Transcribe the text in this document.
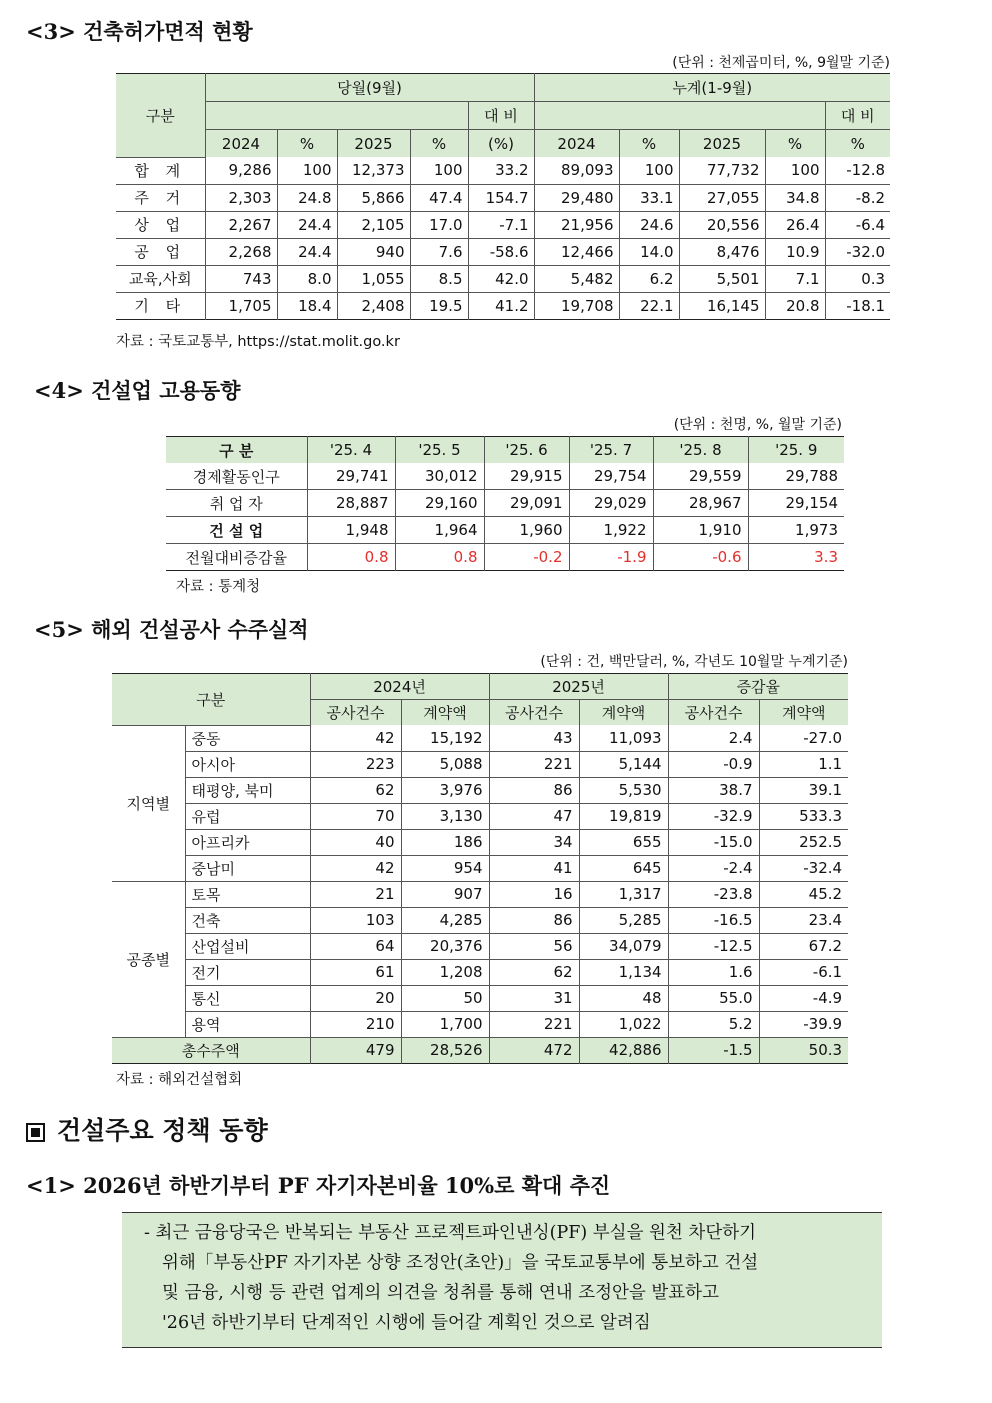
<3> 건축허가면적 현황
(단위 : 천제곱미터, %, 9월말 기준)
구분	당월(9월)					누계(1-9월)				
					대 비					대 비
	2024	%	2025	%	(%)	2024	%	2025	%	%
합 계	9,286	100	12,373	100	33.2	89,093	100	77,732	100	-12.8
주 거	2,303	24.8	5,866	47.4	154.7	29,480	33.1	27,055	34.8	-8.2
상 업	2,267	24.4	2,105	17.0	-7.1	21,956	24.6	20,556	26.4	-6.4
공 업	2,268	24.4	940	7.6	-58.6	12,466	14.0	8,476	10.9	-32.0
교육,사회	743	8.0	1,055	8.5	42.0	5,482	6.2	5,501	7.1	0.3
기 타	1,705	18.4	2,408	19.5	41.2	19,708	22.1	16,145	20.8	-18.1
자료 : 국토교통부, https://stat.molit.go.kr
<4> 건설업 고용동향
(단위 : 천명, %, 월말 기준)
구 분	'25. 4	'25. 5	'25. 6	'25. 7	'25. 8	'25. 9
경제활동인구	29,741	30,012	29,915	29,754	29,559	29,788
취 업 자	28,887	29,160	29,091	29,029	28,967	29,154
건 설 업	1,948	1,964	1,960	1,922	1,910	1,973
전월대비증감율	0.8	0.8	-0.2	-1.9	-0.6	3.3
자료 : 통계청
<5> 해외 건설공사 수주실적
(단위 : 건, 백만달러, %, 각년도 10월말 누계기준)
구분		2024년		2025년		증감율	
		공사건수	계약액	공사건수	계약액	공사건수	계약액
지역별	중동	42	15,192	43	11,093	2.4	-27.0
	아시아	223	5,088	221	5,144	-0.9	1.1
	태평양, 북미	62	3,976	86	5,530	38.7	39.1
	유럽	70	3,130	47	19,819	-32.9	533.3
	아프리카	40	186	34	655	-15.0	252.5
	중남미	42	954	41	645	-2.4	-32.4
공종별	토목	21	907	16	1,317	-23.8	45.2
	건축	103	4,285	86	5,285	-16.5	23.4
	산업설비	64	20,376	56	34,079	-12.5	67.2
	전기	61	1,208	62	1,134	1.6	-6.1
	통신	20	50	31	48	55.0	-4.9
	용역	210	1,700	221	1,022	5.2	-39.9
총수주액		479	28,526	472	42,886	-1.5	50.3
자료 : 해외건설협회
건설주요 정책 동향
<1> 2026년 하반기부터 PF 자기자본비율 10%로 확대 추진
- 최근 금융당국은 반복되는 부동산 프로젝트파인낸싱(PF) 부실을 원천 차단하기
위해「부동산PF 자기자본 상향 조정안(초안)」을 국토교통부에 통보하고 건설
및 금융, 시행 등 관련 업계의 의견을 청취를 통해 연내 조정안을 발표하고
'26년 하반기부터 단계적인 시행에 들어갈 계획인 것으로 알려짐
